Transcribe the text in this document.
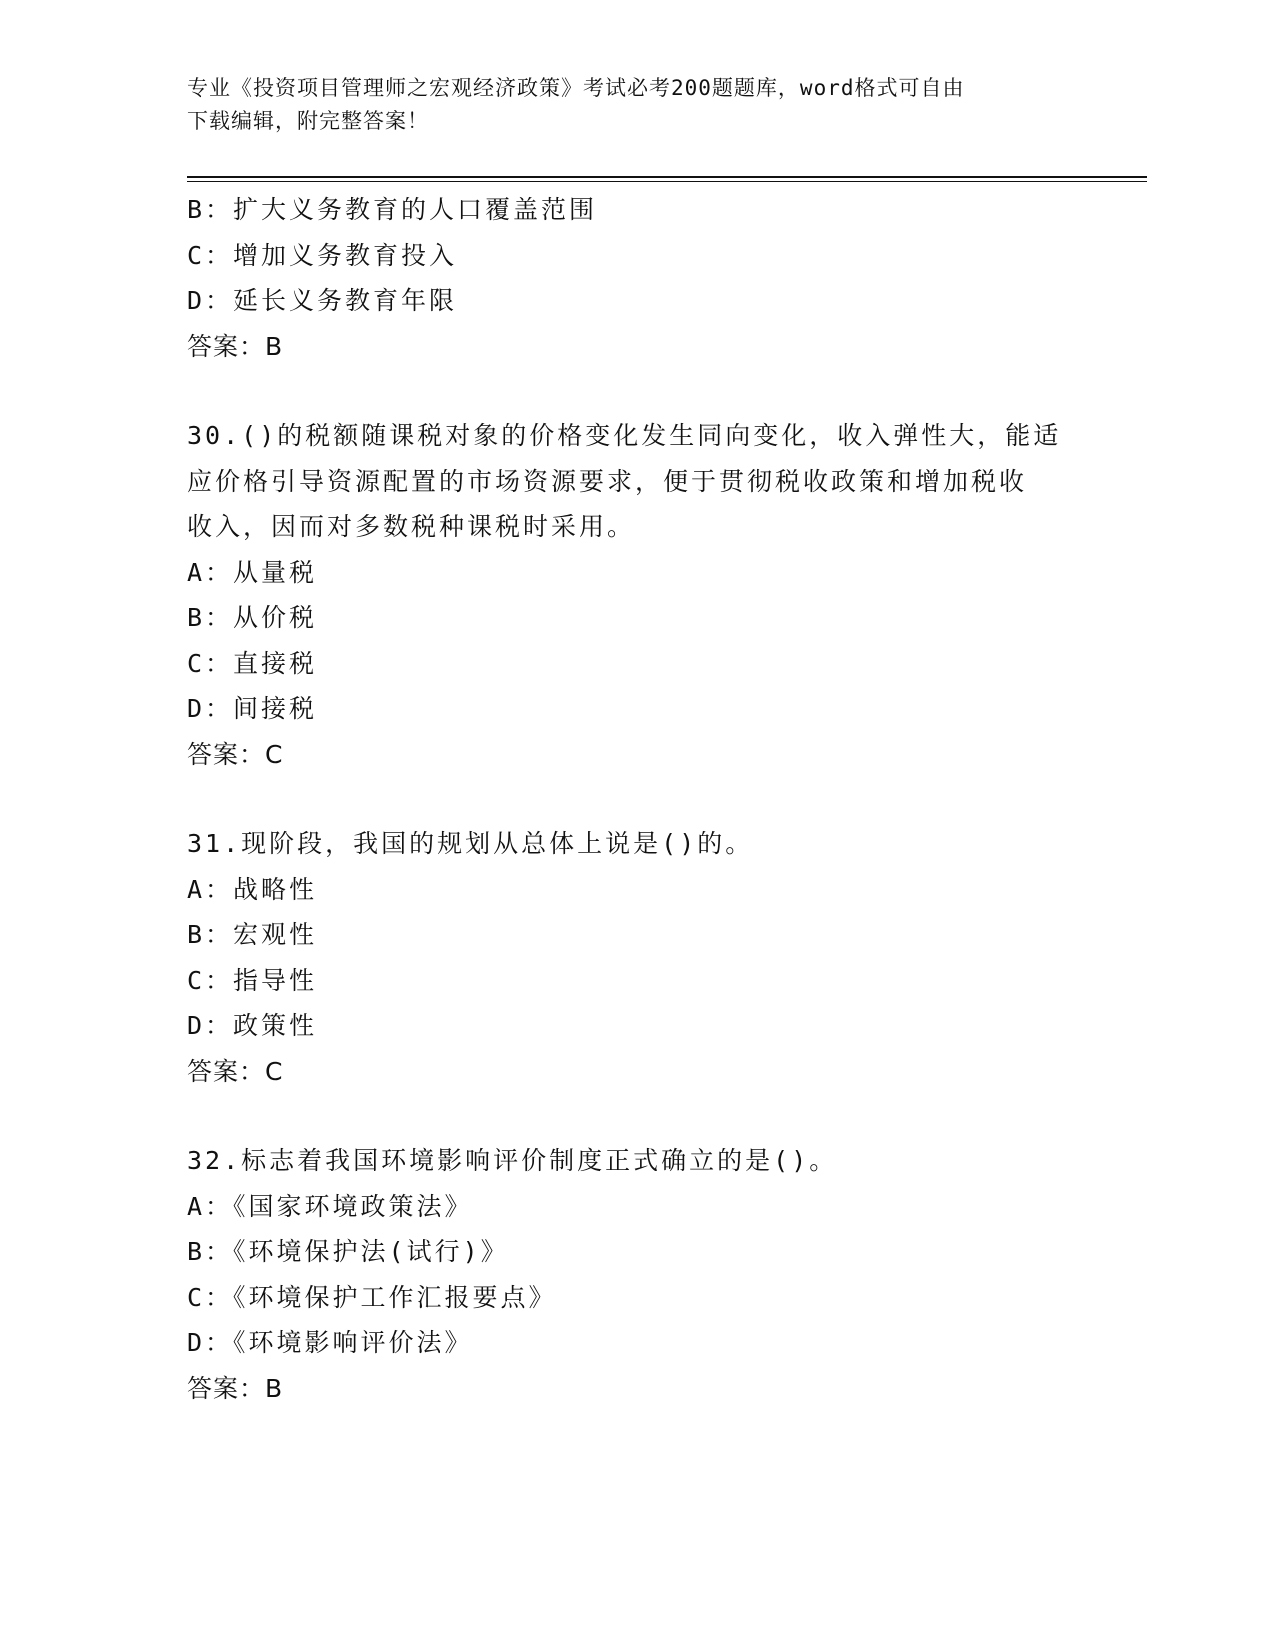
专业《投资项目管理师之宏观经济政策》考试必考200题题库，word格式可自由
下载编辑，附完整答案！

B：扩大义务教育的人口覆盖范围

C：增加义务教育投入

D：延长义务教育年限

答案：B

30.()的税额随课税对象的价格变化发生同向变化，收入弹性大，能适

应价格引导资源配置的市场资源要求，便于贯彻税收政策和增加税收

收入，因而对多数税种课税时采用。

A：从量税

B：从价税

C：直接税

D：间接税

答案：C

31.现阶段，我国的规划从总体上说是()的。

A：战略性

B：宏观性

C：指导性

D：政策性

答案：C

32.标志着我国环境影响评价制度正式确立的是()。

A：《国家环境政策法》

B：《环境保护法(试行)》

C：《环境保护工作汇报要点》

D：《环境影响评价法》

答案：B
